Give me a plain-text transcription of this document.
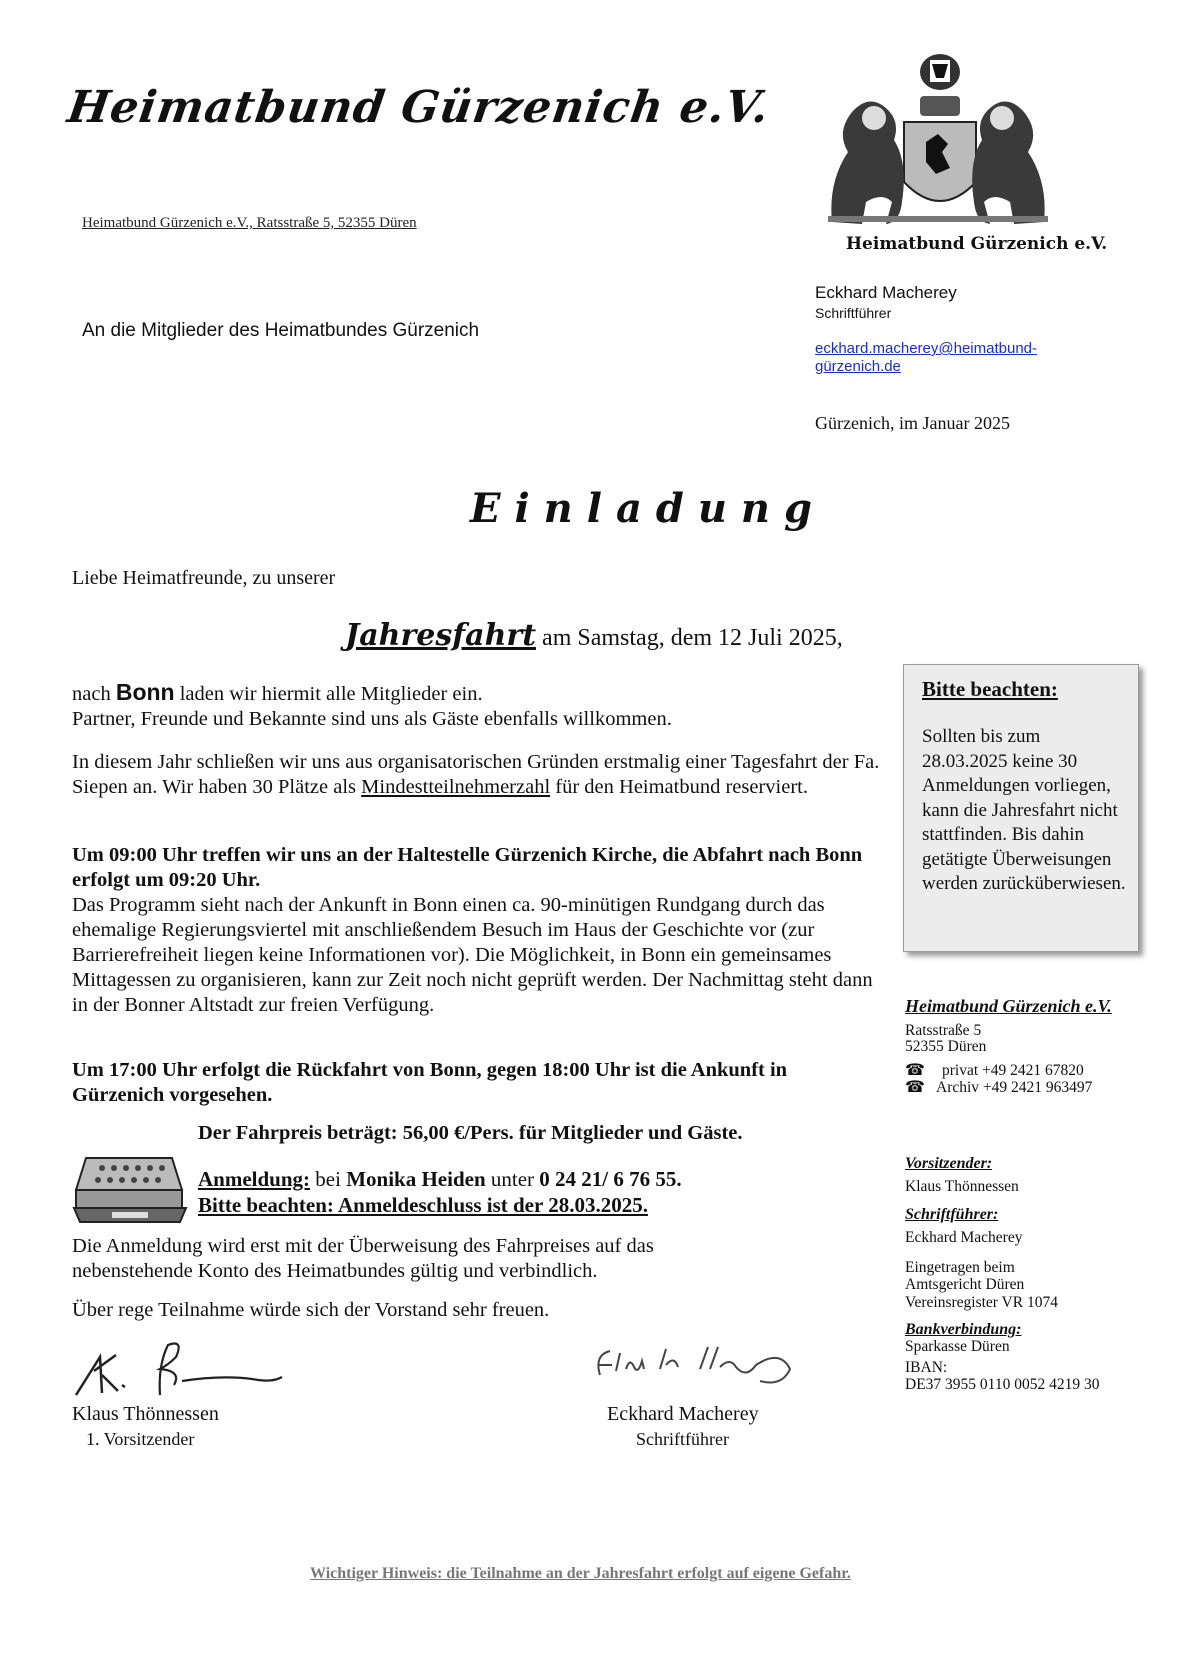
Heimatbund Gürzenich e.V.
Heimatbund Gürzenich e.V., Ratsstraße 5, 52355 Düren
An die Mitglieder des Heimatbundes Gürzenich
Heimatbund Gürzenich e.V.
Eckhard Macherey
Schriftführer
eckhard.macherey@heimatbund-
gürzenich.de
Gürzenich, im Januar 2025
Einladung
Liebe Heimatfreunde, zu unserer
Jahresfahrt am Samstag, dem 12 Juli 2025,
nach Bonn laden wir hiermit alle Mitglieder ein.
Partner, Freunde und Bekannte sind uns als Gäste ebenfalls willkommen.
In diesem Jahr schließen wir uns aus organisatorischen Gründen erstmalig einer Tagesfahrt der Fa. Siepen an. Wir haben 30 Plätze als Mindestteilnehmerzahl für den Heimatbund reserviert.
Um 09:00 Uhr treffen wir uns an der Haltestelle Gürzenich Kirche, die Abfahrt nach Bonn erfolgt um 09:20 Uhr.
Das Programm sieht nach der Ankunft in Bonn einen ca. 90-minütigen Rundgang durch das ehemalige Regierungsviertel mit anschließendem Besuch im Haus der Geschichte vor (zur Barrierefreiheit liegen keine Informationen vor). Die Möglichkeit, in Bonn ein gemeinsames Mittagessen zu organisieren, kann zur Zeit noch nicht geprüft werden. Der Nachmittag steht dann in der Bonner Altstadt zur freien Verfügung.
Um 17:00 Uhr erfolgt die Rückfahrt von Bonn, gegen 18:00 Uhr ist die Ankunft in Gürzenich vorgesehen.
Der Fahrpreis beträgt: 56,00 €/Pers. für Mitglieder und Gäste.
Anmeldung: bei Monika Heiden unter 0 24 21/ 6 76 55.
Bitte beachten: Anmeldeschluss ist der 28.03.2025.
Die Anmeldung wird erst mit der Überweisung des Fahrpreises auf das nebenstehende Konto des Heimatbundes gültig und verbindlich.
Über rege Teilnahme würde sich der Vorstand sehr freuen.
Klaus Thönnessen
1. Vorsitzender
Eckhard Macherey
Schriftführer
Bitte beachten:
Sollten bis zum 28.03.2025 keine 30 Anmeldungen vorliegen, kann die Jahresfahrt nicht stattfinden. Bis dahin getätigte Überweisungen werden zurücküberwiesen.
Heimatbund Gürzenich e.V.
Ratsstraße 5
52355 Düren
☎
☎
privat +49 2421 67820
Archiv +49 2421 963497
Vorsitzender:
Klaus Thönnessen
Schriftführer:
Eckhard Macherey
Eingetragen beim
Amtsgericht Düren
Vereinsregister VR 1074
Bankverbindung:
Sparkasse Düren
IBAN:
DE37 3955 0110 0052 4219 30
Wichtiger Hinweis: die Teilnahme an der Jahresfahrt erfolgt auf eigene Gefahr.
